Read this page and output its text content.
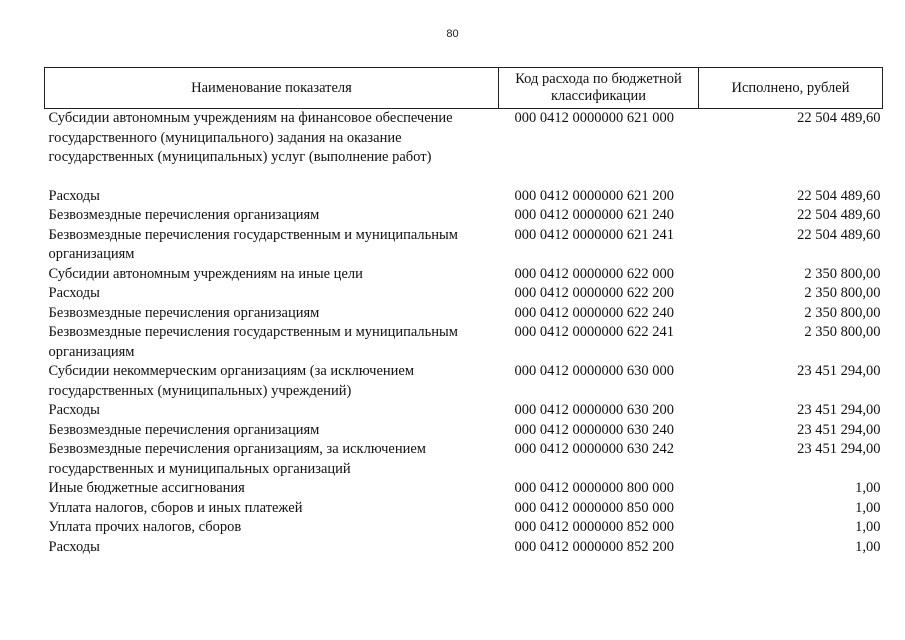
80
Наименование показателя	Код расхода по бюджетной классификации	Исполнено, рублей
Субсидии автономным учреждениям на финансовое обеспечение государственного (муниципального) задания на оказание государственных (муниципальных) услуг (выполнение работ)	000 0412 0000000 621 000	22 504 489,60

Расходы	000 0412 0000000 621 200	22 504 489,60
Безвозмездные перечисления организациям	000 0412 0000000 621 240	22 504 489,60
Безвозмездные перечисления государственным и муниципальным организациям	000 0412 0000000 621 241	22 504 489,60
Субсидии автономным учреждениям на иные цели	000 0412 0000000 622 000	2 350 800,00
Расходы	000 0412 0000000 622 200	2 350 800,00
Безвозмездные перечисления организациям	000 0412 0000000 622 240	2 350 800,00
Безвозмездные перечисления государственным и муниципальным организациям	000 0412 0000000 622 241	2 350 800,00
Субсидии некоммерческим организациям (за исключением государственных (муниципальных) учреждений)	000 0412 0000000 630 000	23 451 294,00
Расходы	000 0412 0000000 630 200	23 451 294,00
Безвозмездные перечисления организациям	000 0412 0000000 630 240	23 451 294,00
Безвозмездные перечисления организациям, за исключением государственных и муниципальных организаций	000 0412 0000000 630 242	23 451 294,00
Иные бюджетные ассигнования	000 0412 0000000 800 000	1,00
Уплата налогов, сборов и иных платежей	000 0412 0000000 850 000	1,00
Уплата прочих налогов, сборов	000 0412 0000000 852 000	1,00
Расходы	000 0412 0000000 852 200	1,00
